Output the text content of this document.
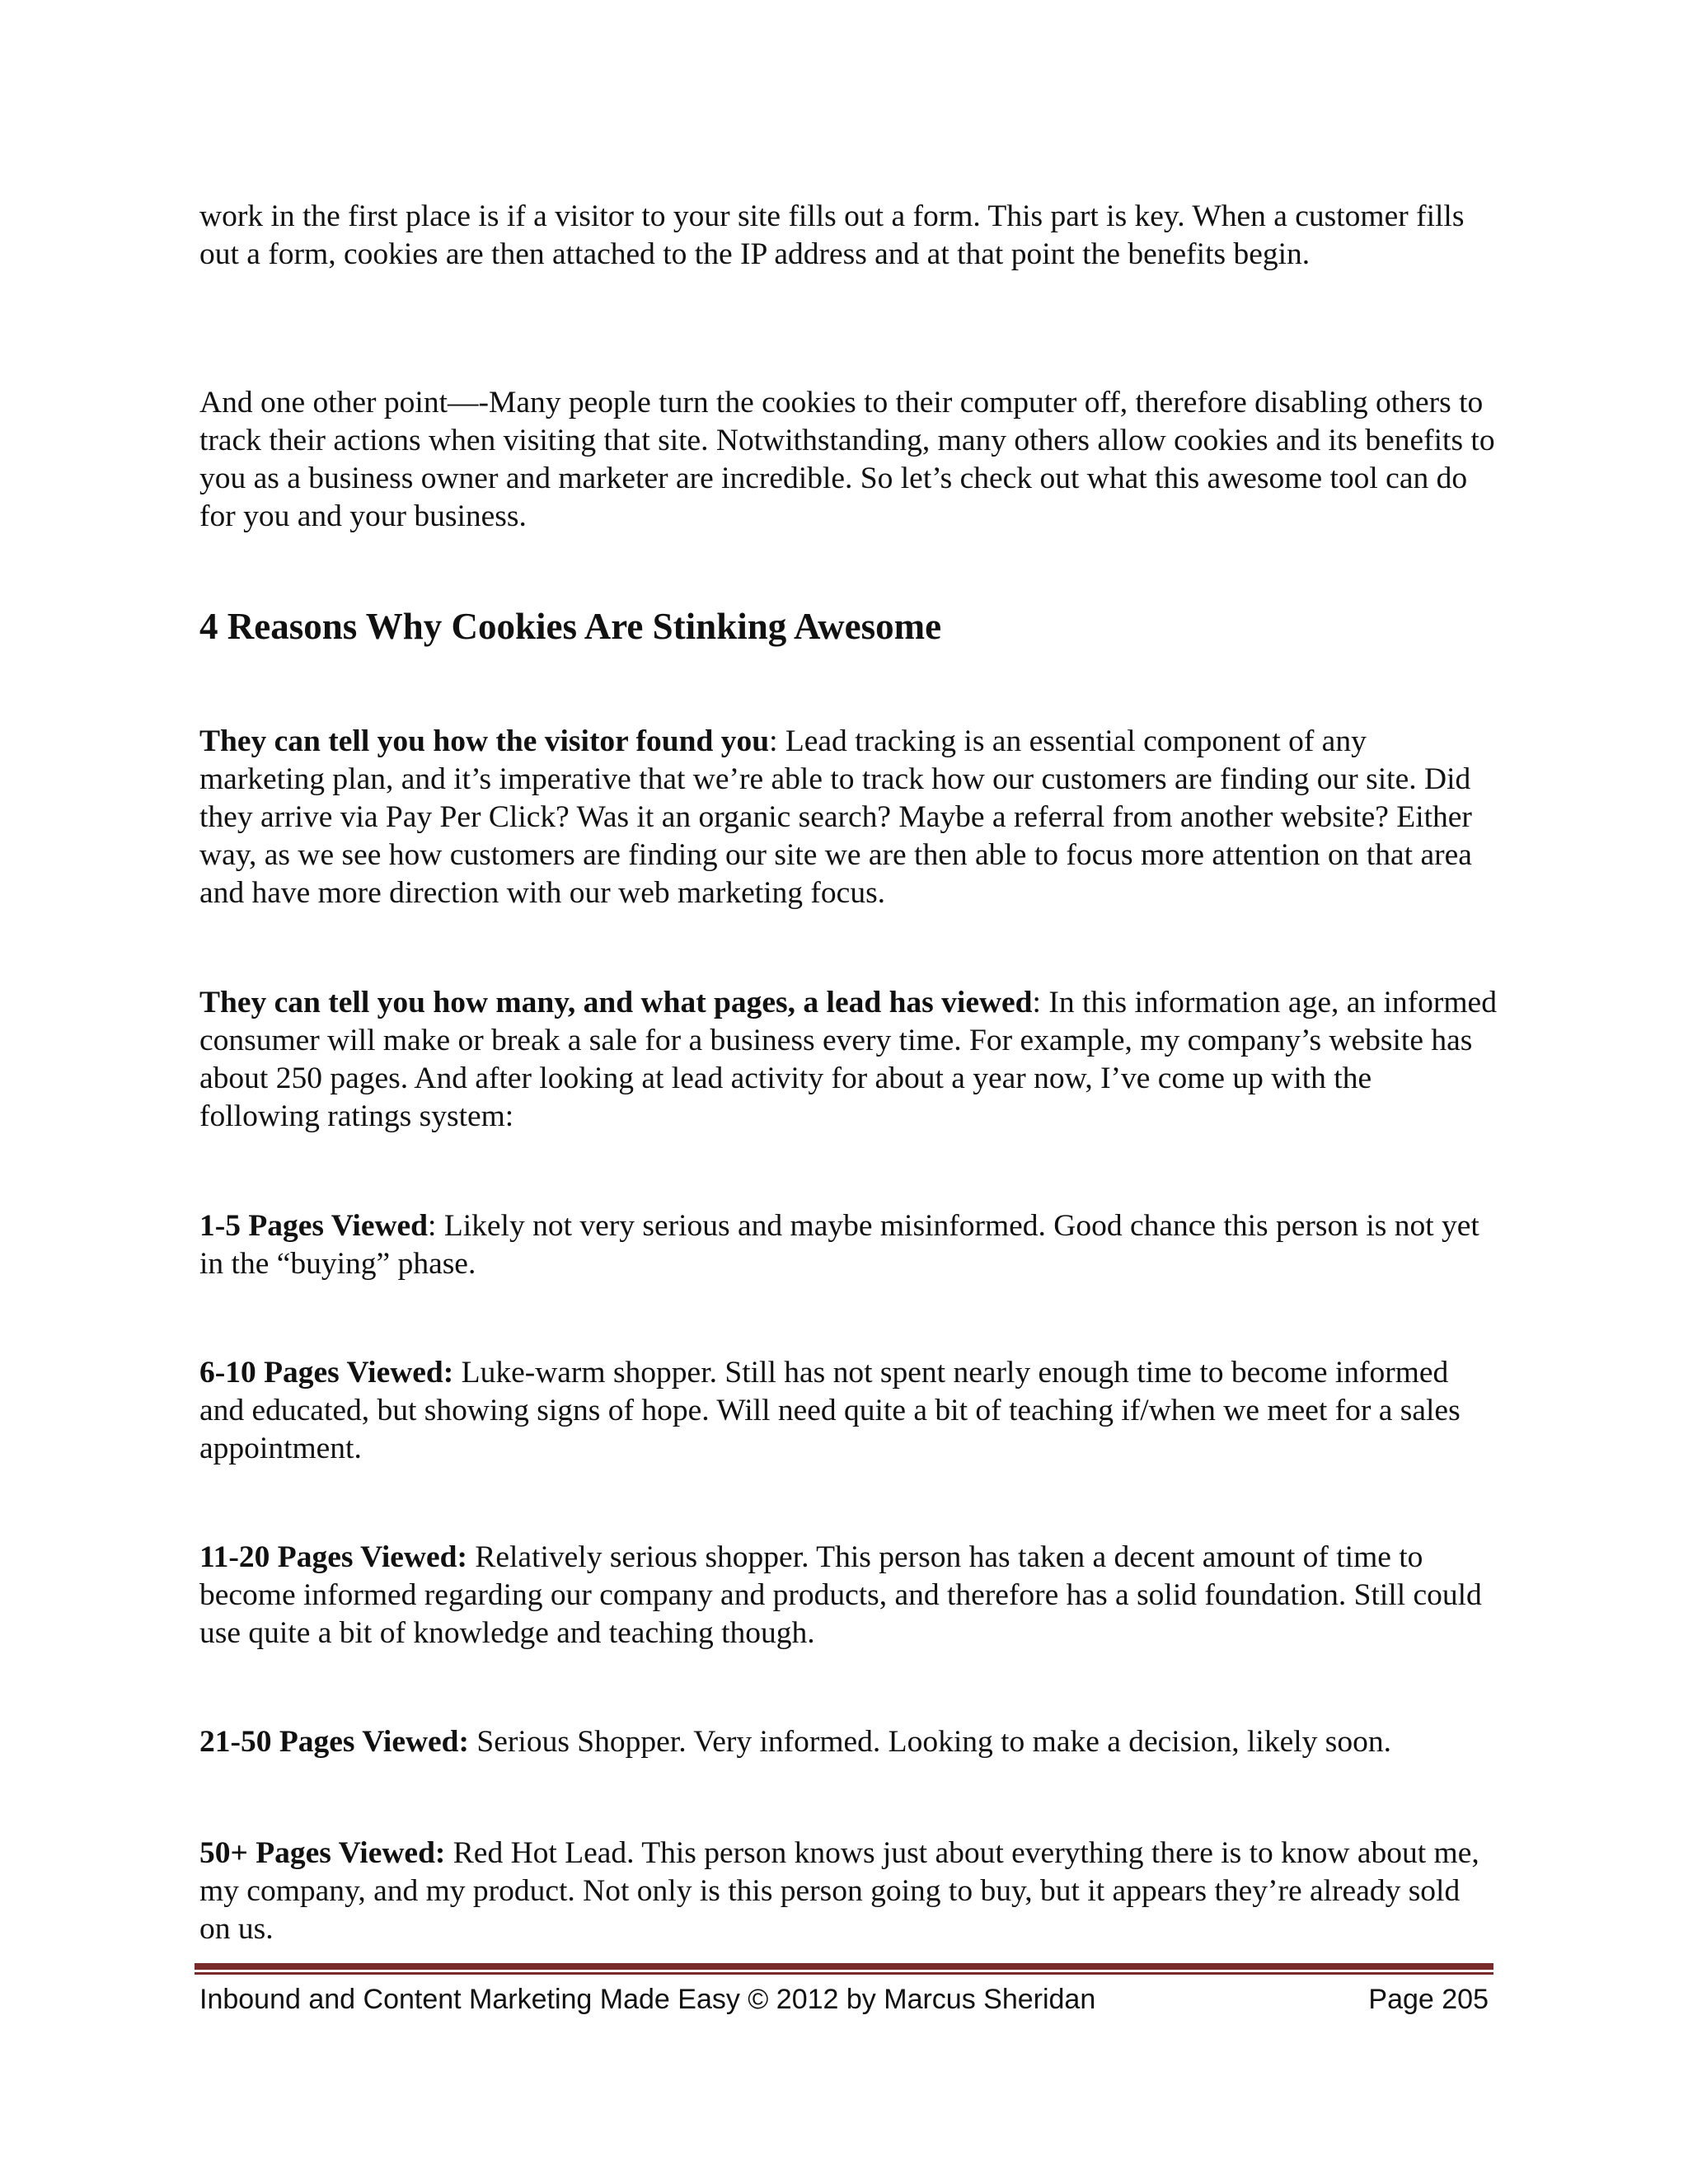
work in the first place is if a visitor to your site fills out a form. This part is key. When a customer fills out a form, cookies are then attached to the IP address and at that point the benefits begin.

And one other point—-Many people turn the cookies to their computer off, therefore disabling others to track their actions when visiting that site. Notwithstanding, many others allow cookies and its benefits to you as a business owner and marketer are incredible. So let’s check out what this awesome tool can do for you and your business.

4 Reasons Why Cookies Are Stinking Awesome

They can tell you how the visitor found you: Lead tracking is an essential component of any marketing plan, and it’s imperative that we’re able to track how our customers are finding our site. Did they arrive via Pay Per Click? Was it an organic search? Maybe a referral from another website? Either way, as we see how customers are finding our site we are then able to focus more attention on that area and have more direction with our web marketing focus.

They can tell you how many, and what pages, a lead has viewed: In this information age, an informed consumer will make or break a sale for a business every time. For example, my company’s website has about 250 pages. And after looking at lead activity for about a year now, I’ve come up with the following ratings system:

1-5 Pages Viewed: Likely not very serious and maybe misinformed. Good chance this person is not yet in the “buying” phase.

6-10 Pages Viewed: Luke-warm shopper. Still has not spent nearly enough time to become informed and educated, but showing signs of hope. Will need quite a bit of teaching if/when we meet for a sales appointment.

11-20 Pages Viewed: Relatively serious shopper. This person has taken a decent amount of time to become informed regarding our company and products, and therefore has a solid foundation. Still could use quite a bit of knowledge and teaching though.

21-50 Pages Viewed: Serious Shopper. Very informed. Looking to make a decision, likely soon.

50+ Pages Viewed: Red Hot Lead. This person knows just about everything there is to know about me, my company, and my product. Not only is this person going to buy, but it appears they’re already sold on us.

Inbound and Content Marketing Made Easy © 2012 by Marcus Sheridan	Page 205
